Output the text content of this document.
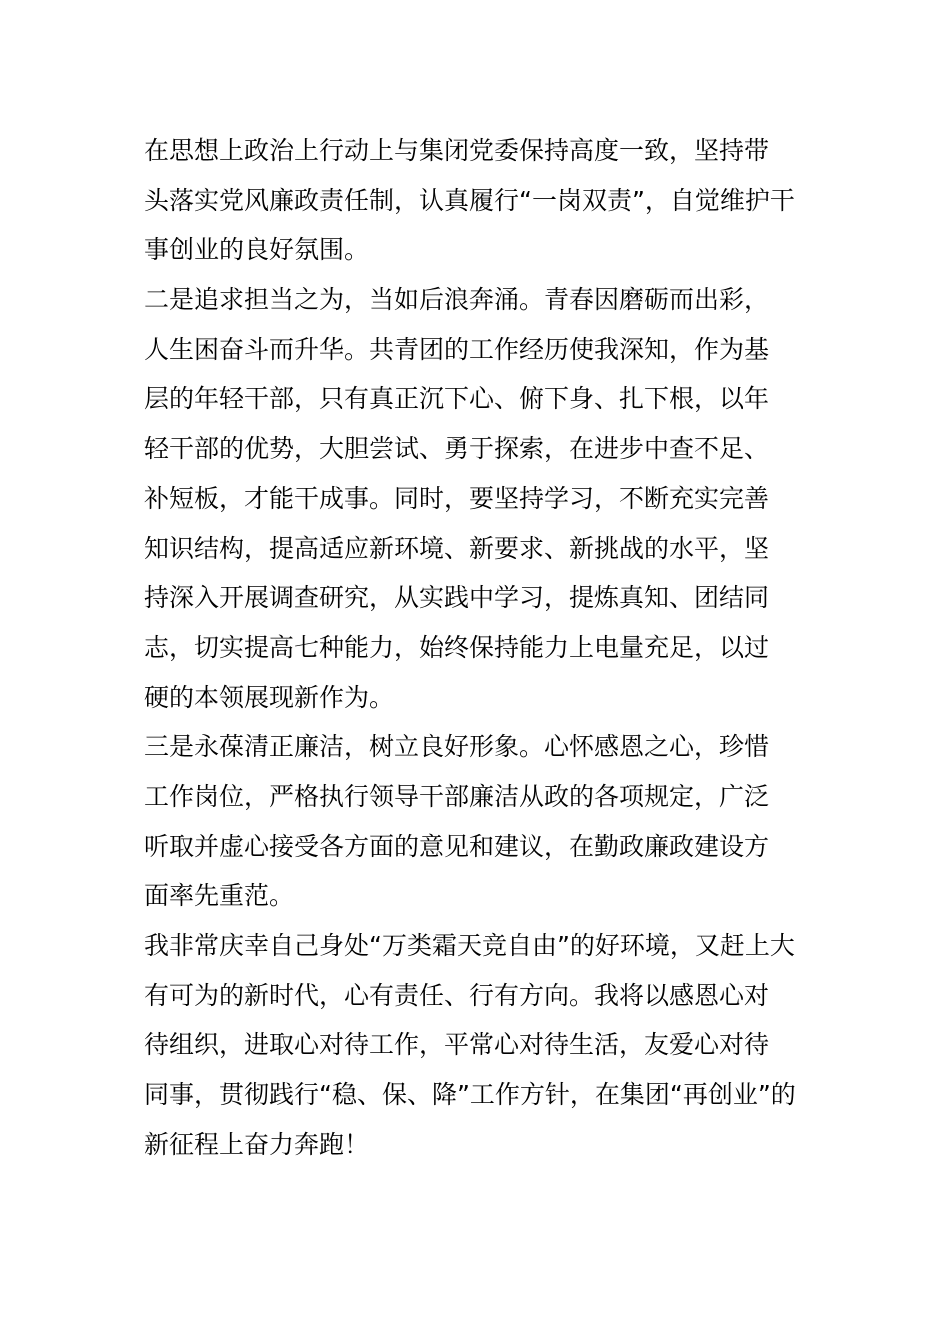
在思想上政治上行动上与集闭党委保持高度一致，坚持带
头落实党风廉政责任制，认真履行“一岗双责”，自觉维护干
事创业的良好氛围。
二是追求担当之为，当如后浪奔涌。青春因磨砺而出彩，
人生困奋斗而升华。共青团的工作经历使我深知，作为基
层的年轻干部，只有真正沉下心、俯下身、扎下根，以年
轻干部的优势，大胆尝试、勇于探索，在进步中查不足、
补短板，才能干成事。同时，要坚持学习，不断充实完善
知识结构，提高适应新环境、新要求、新挑战的水平，坚
持深入开展调查研究，从实践中学习，提炼真知、团结同
志，切实提高七种能力，始终保持能力上电量充足，以过
硬的本领展现新作为。
三是永葆清正廉洁，树立良好形象。心怀感恩之心，珍惜
工作岗位，严格执行领导干部廉洁从政的各项规定，广泛
听取并虚心接受各方面的意见和建议，在勤政廉政建设方
面率先重范。
我非常庆幸自己身处“万类霜天竞自由”的好环境，又赶上大
有可为的新时代，心有责任、行有方向。我将以感恩心对
待组织，进取心对待工作，平常心对待生活，友爱心对待
同事，贯彻践行“稳、保、降”工作方针，在集团“再创业”的
新征程上奋力奔跑！
